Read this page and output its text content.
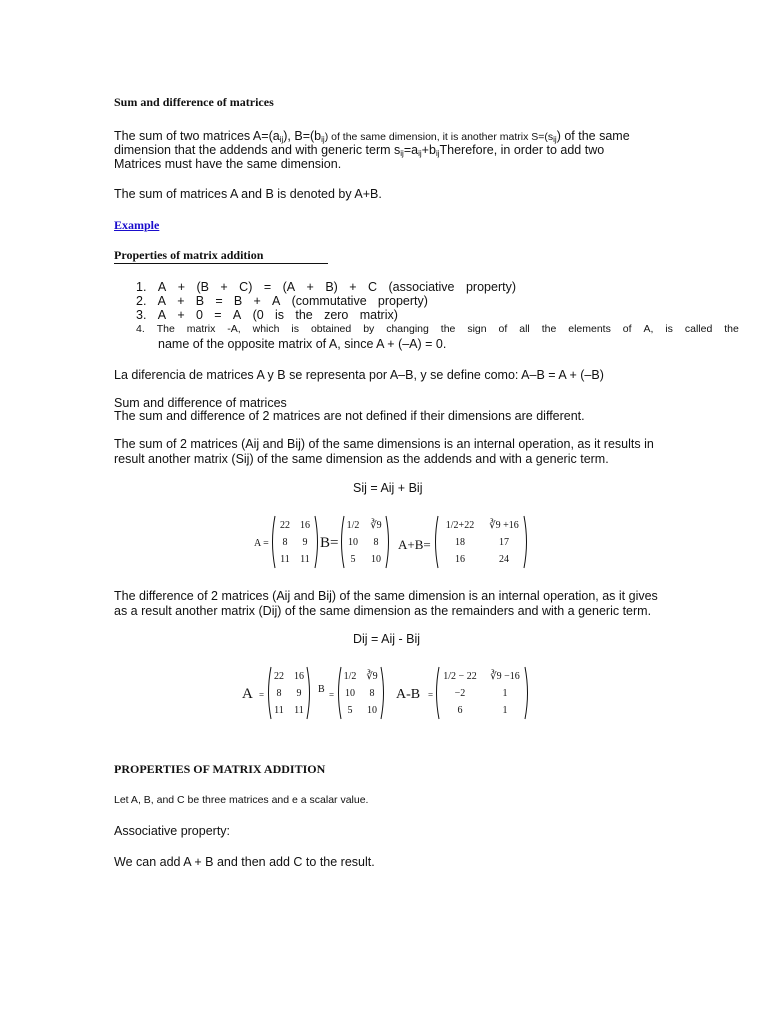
Sum and difference of matrices
The sum of two matrices $A=(a_{ij})$, $B=(b_{ij})$ of the same dimension, it is another matrix $S=(s_{ij})$ of the same
dimension that the addends and with generic term $s_{ij}=a_{ij}+b_{ij}Therefore$, in order to add two
Matrices must have the same dimension.
The sum of matrices A and B is denoted by A+B.
Example
Properties of matrix addition
1. A + (B + C) = (A + B) + C (associative property)
2. A + B = B + A (commutative property)
3. A + 0 = A (0 is the zero matrix)
4. The matrix -A, which is obtained by changing the sign of all the elements of A, is called the
name of the opposite matrix of A, since A + (–A) = 0.
La diferencia de matrices A y B se representa por A–B, y se define como: A–B = A + (–B)
Sum and difference of matrices
The sum and difference of 2 matrices are not defined if their dimensions are different.
The sum of 2 matrices (Aij and Bij) of the same dimensions is an internal operation, as it results in
result another matrix (Sij) of the same dimension as the addends and with a generic term.
Sij = Aij + Bij
A =
22	16
8	9
11	11
B=
1/2	∛9
10	8
5	10
A+B=
1/2+22	∛9 +16
18	17
16	24
The difference of 2 matrices (Aij and Bij) of the same dimension is an internal operation, as it gives
as a result another matrix (Dij) of the same dimension as the remainders and with a generic term.
Dij = Aij - Bij
A =
22	16
8	9
11	11
B =
1/2 ∛9
10	8
5	10
A-B =
1/2 − 22	∛9 −16
−2	1
6	1
PROPERTIES OF MATRIX ADDITION
Let A, B, and C be three matrices and e a scalar value.
Associative property:
We can add A + B and then add C to the result.
